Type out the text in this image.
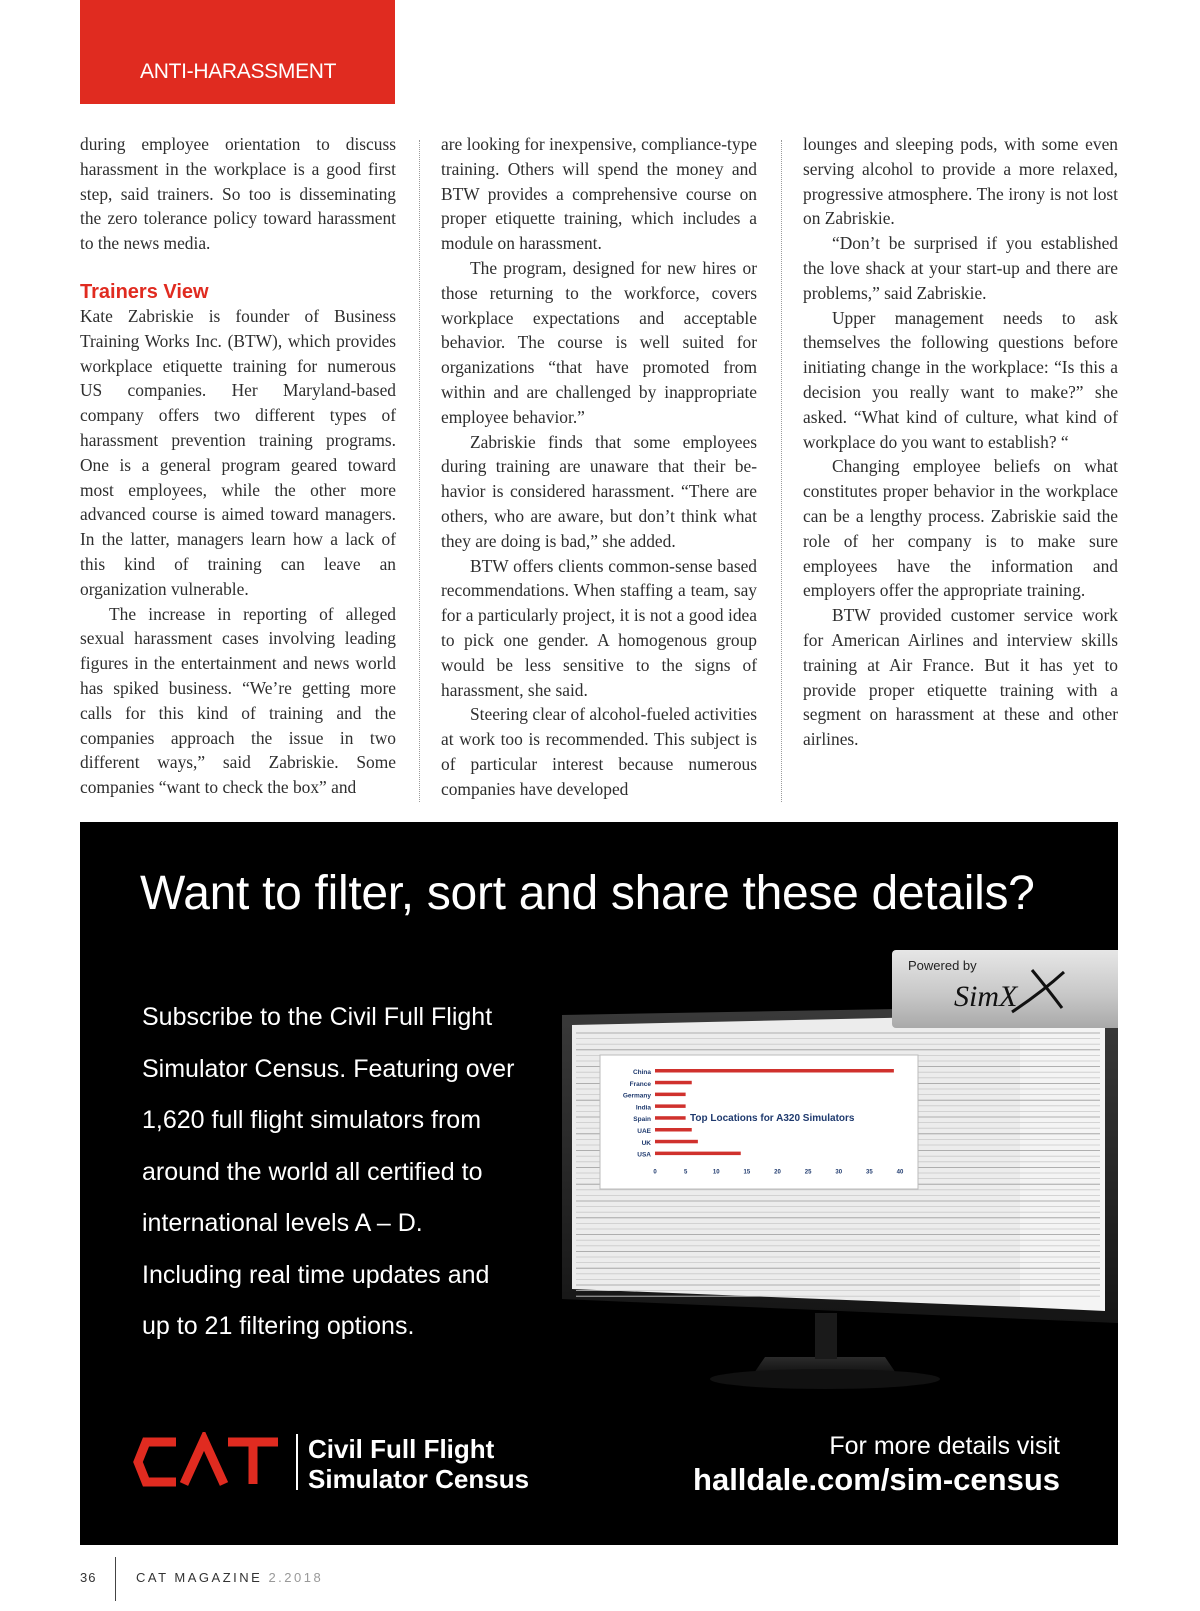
ANTI-HARASSMENT

during employee orientation to discuss harassment in the workplace is a good first step, said trainers. So too is disseminating the zero tolerance policy toward harassment to the news media.

Trainers View

Kate Zabriskie is founder of Business Training Works Inc. (BTW), which provides workplace etiquette training for numerous US companies. Her Maryland-based company offers two different types of harassment prevention training programs. One is a general program geared toward most employees, while the other more advanced course is aimed toward managers. In the latter, managers learn how a lack of this kind of training can leave an organization vulnerable.

The increase in reporting of alleged sexual harassment cases involving leading figures in the entertainment and news world has spiked business. “We’re getting more calls for this kind of training and the companies approach the issue in two different ways,” said Zabriskie. Some companies “want to check the box” and

are looking for inexpensive, compliance-type training. Others will spend the money and BTW provides a comprehensive course on proper etiquette training, which includes a module on harassment.

The program, designed for new hires or those returning to the workforce, covers workplace expectations and acceptable behavior. The course is well suited for organizations “that have promoted from within and are challenged by inappropriate employee behavior.”

Zabriskie finds that some employees during training are unaware that their behavior is considered harassment. “There are others, who are aware, but don’t think what they are doing is bad,” she added.

BTW offers clients common-sense based recommendations. When staffing a team, say for a particularly project, it is not a good idea to pick one gender. A homogenous group would be less sensitive to the signs of harassment, she said.

Steering clear of alcohol-fueled activities at work too is recommended. This subject is of particular interest because numerous companies have developed

lounges and sleeping pods, with some even serving alcohol to provide a more relaxed, progressive atmosphere. The irony is not lost on Zabriskie.

“Don’t be surprised if you established the love shack at your start-up and there are problems,” said Zabriskie.

Upper management needs to ask themselves the following questions before initiating change in the workplace: “Is this a decision you really want to make?” she asked. “What kind of culture, what kind of workplace do you want to establish? “

Changing employee beliefs on what constitutes proper behavior in the workplace can be a lengthy process. Zabriskie said the role of her company is to make sure employees have the information and employers offer the appropriate training.

BTW provided customer service work for American Airlines and interview skills training at Air France. But it has yet to provide proper etiquette training with a segment on harassment at these and other airlines.

Want to filter, sort and share these details?
Subscribe to the Civil Full Flight
Simulator Census. Featuring over
1,620 full flight simulators from
around the world all certified to
international levels A – D.
Including real time updates and
up to 21 filtering options.
Top Locations for A320 Simulators
China
France
Germany
India
Spain
UAE
UK
USA
0	5	10	15	20	25	30	35	40
Powered by
SimX
Civil Full Flight
Simulator Census
For more details visit
halldale.com/sim-census
36	CAT MAGAZINE 2.2018
